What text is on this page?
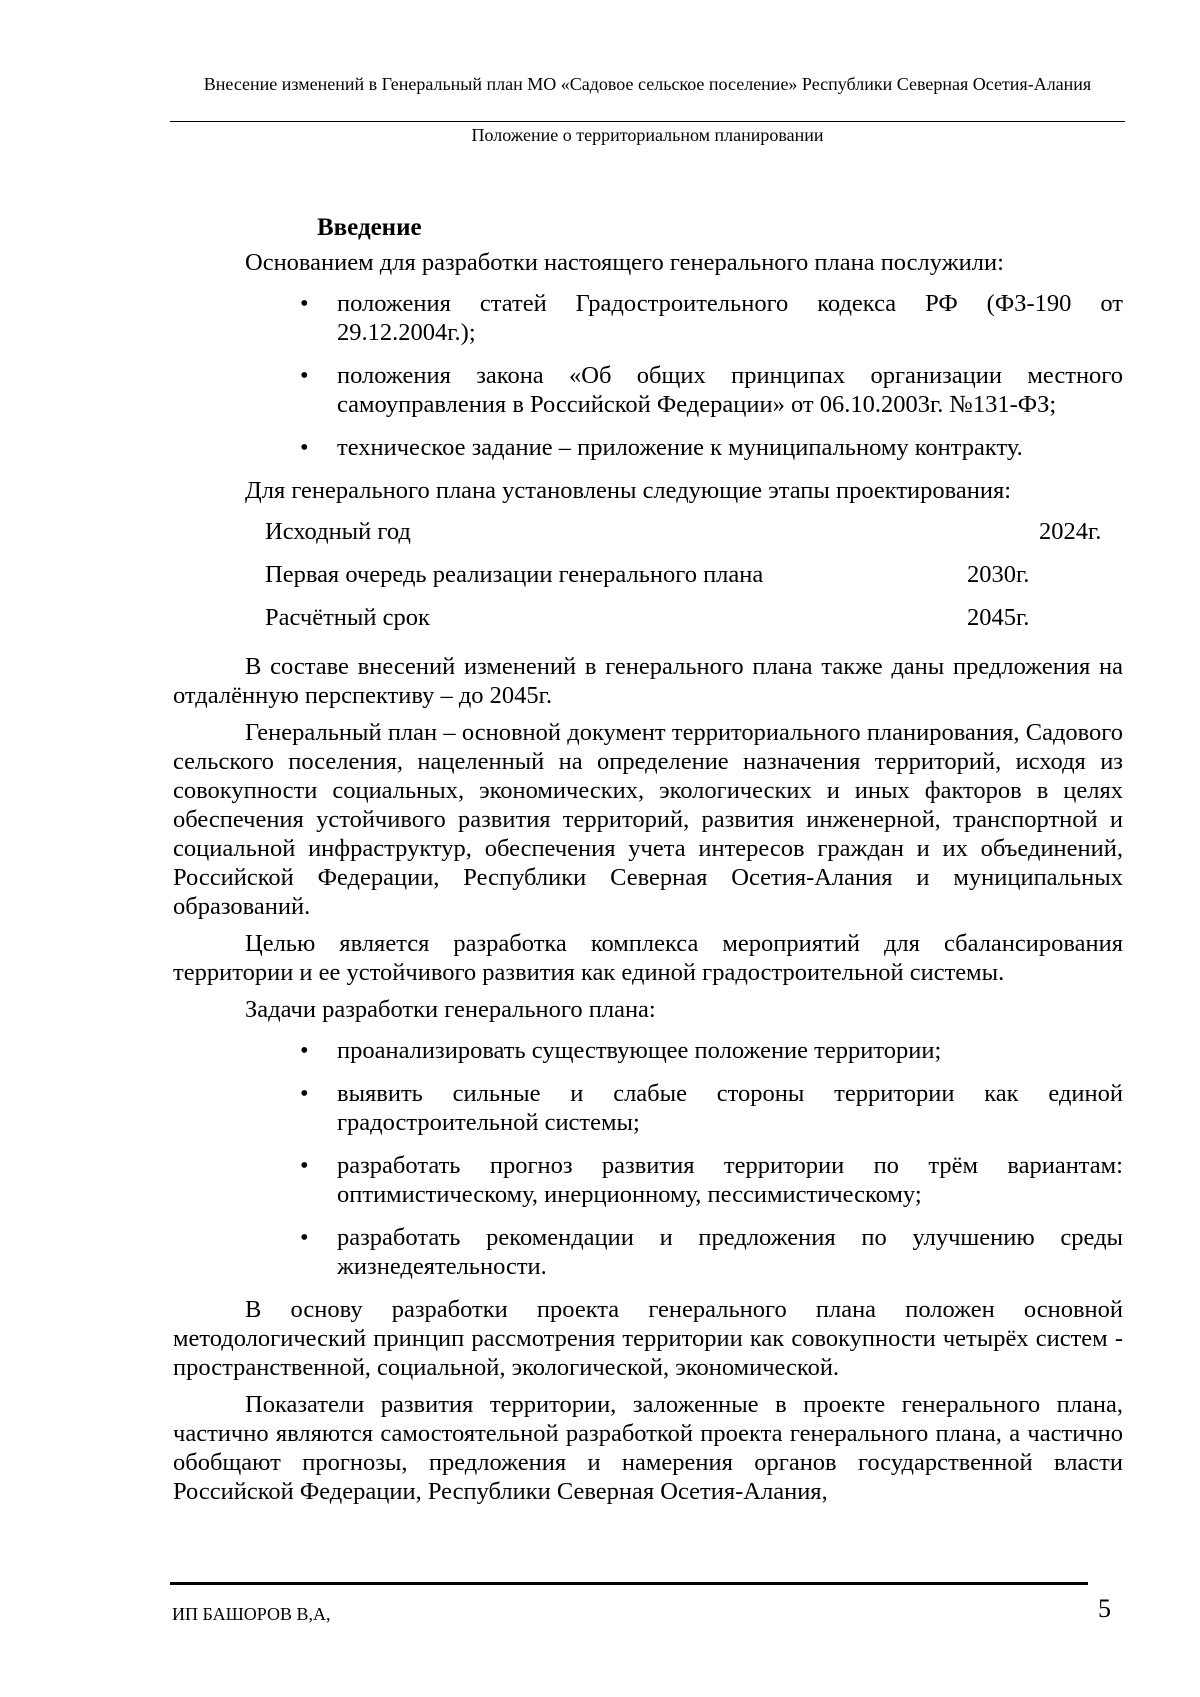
Внесение изменений в Генеральный план МО «Садовое сельское поселение» Республики Северная Осетия-Алания
Положение о территориальном планировании
Введение

Основанием для разработки настоящего генерального плана послужили:

• положения статей Градостроительного кодекса РФ (ФЗ-190 от 29.12.2004г.);
• положения закона «Об общих принципах организации местного самоуправления в Российской Федерации» от 06.10.2003г. №131-ФЗ;
• техническое задание – приложение к муниципальному контракту.

Для генерального плана установлены следующие этапы проектирования:

Исходный год	2024г.
Первая очередь реализации генерального плана	2030г.
Расчётный срок	2045г.

В составе внесений изменений в генерального плана также даны предложения на отдалённую перспективу – до 2045г.

Генеральный план – основной документ территориального планирования, Садового сельского поселения, нацеленный на определение назначения территорий, исходя из совокупности социальных, экономических, экологических и иных факторов в целях обеспечения устойчивого развития территорий, развития инженерной, транспортной и социальной инфраструктур, обеспечения учета интересов граждан и их объединений, Российской Федерации, Республики Северная Осетия-Алания и муниципальных образований.

Целью является разработка комплекса мероприятий для сбалансирования территории и ее устойчивого развития как единой градостроительной системы.

Задачи разработки генерального плана:

• проанализировать существующее положение территории;
• выявить сильные и слабые стороны территории как единой градостроительной системы;
• разработать прогноз развития территории по трём вариантам: оптимистическому, инерционному, пессимистическому;
• разработать рекомендации и предложения по улучшению среды жизнедеятельности.

В основу разработки проекта генерального плана положен основной методологический принцип рассмотрения территории как совокупности четырёх систем - пространственной, социальной, экологической, экономической.

Показатели развития территории, заложенные в проекте генерального плана, частично являются самостоятельной разработкой проекта генерального плана, а частично обобщают прогнозы, предложения и намерения органов государственной власти Российской Федерации, Республики Северная Осетия-Алания,

ИП БАШОРОВ В,А,	5
